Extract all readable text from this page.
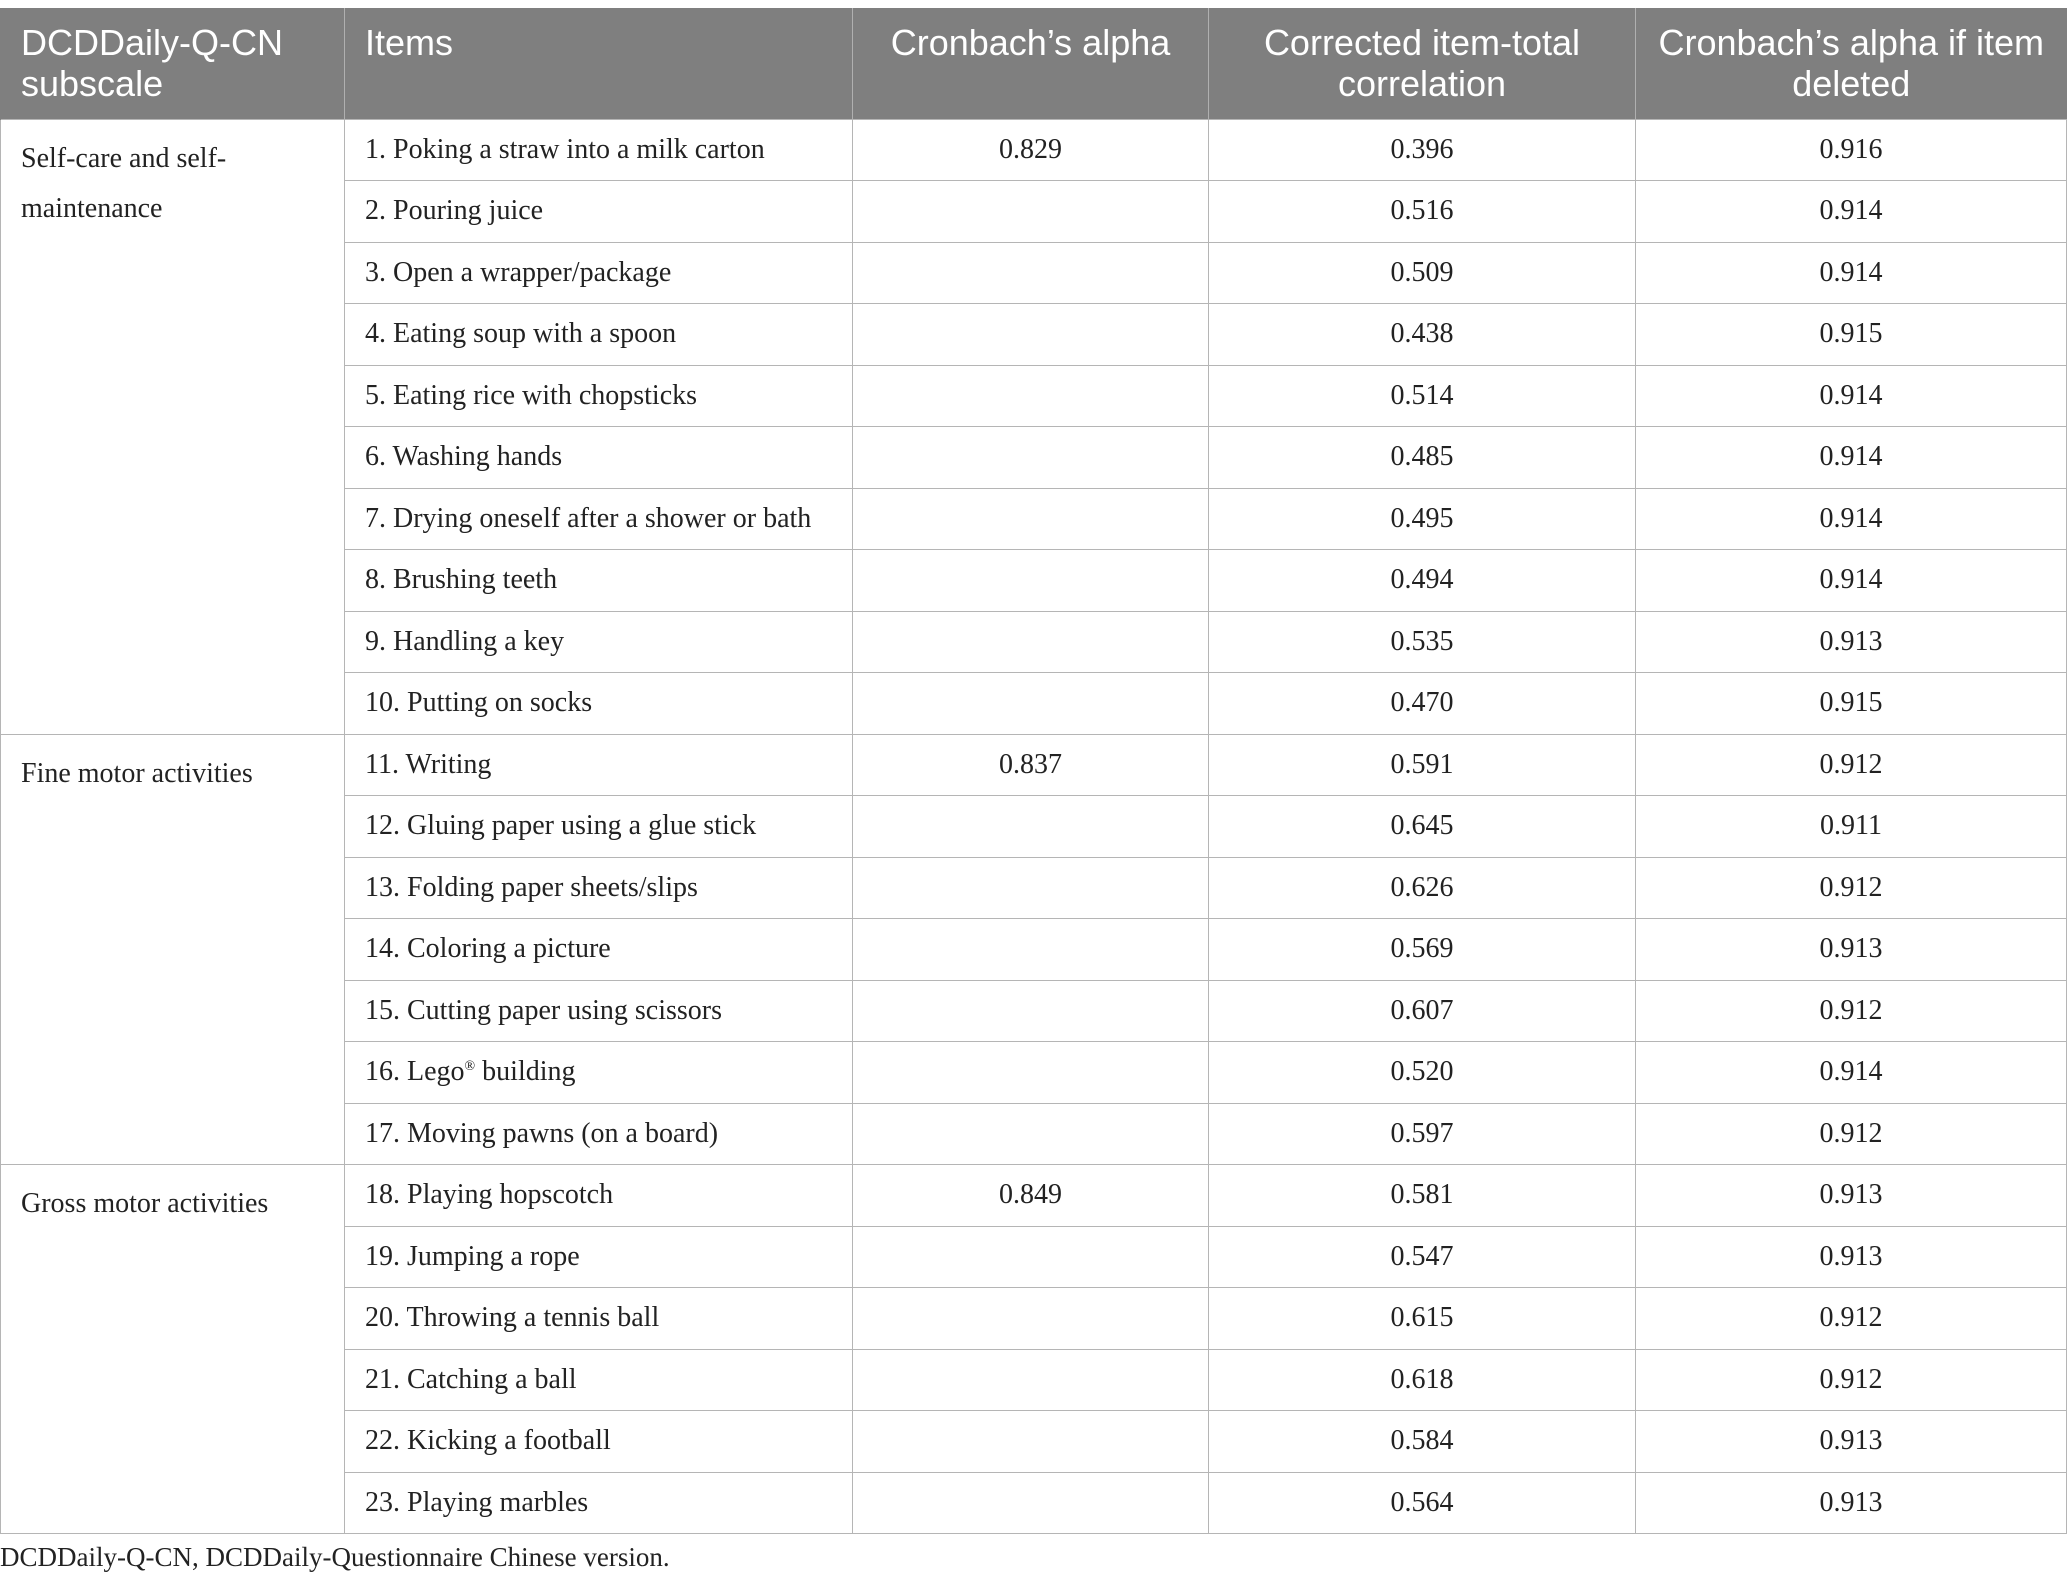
DCDDaily-Q-CN subscale	Items	Cronbach’s alpha	Corrected item-total correlation	Cronbach’s alpha if item deleted
Self-care and self-maintenance	1. Poking a straw into a milk carton	0.829	0.396	0.916
	2. Pouring juice		0.516	0.914
	3. Open a wrapper/package		0.509	0.914
	4. Eating soup with a spoon		0.438	0.915
	5. Eating rice with chopsticks		0.514	0.914
	6. Washing hands		0.485	0.914
	7. Drying oneself after a shower or bath		0.495	0.914
	8. Brushing teeth		0.494	0.914
	9. Handling a key		0.535	0.913
	10. Putting on socks		0.470	0.915
Fine motor activities	11. Writing	0.837	0.591	0.912
	12. Gluing paper using a glue stick		0.645	0.911
	13. Folding paper sheets/slips		0.626	0.912
	14. Coloring a picture		0.569	0.913
	15. Cutting paper using scissors		0.607	0.912
	16. Lego® building		0.520	0.914
	17. Moving pawns (on a board)		0.597	0.912
Gross motor activities	18. Playing hopscotch	0.849	0.581	0.913
	19. Jumping a rope		0.547	0.913
	20. Throwing a tennis ball		0.615	0.912
	21. Catching a ball		0.618	0.912
	22. Kicking a football		0.584	0.913
	23. Playing marbles		0.564	0.913
DCDDaily-Q-CN, DCDDaily-Questionnaire Chinese version.
